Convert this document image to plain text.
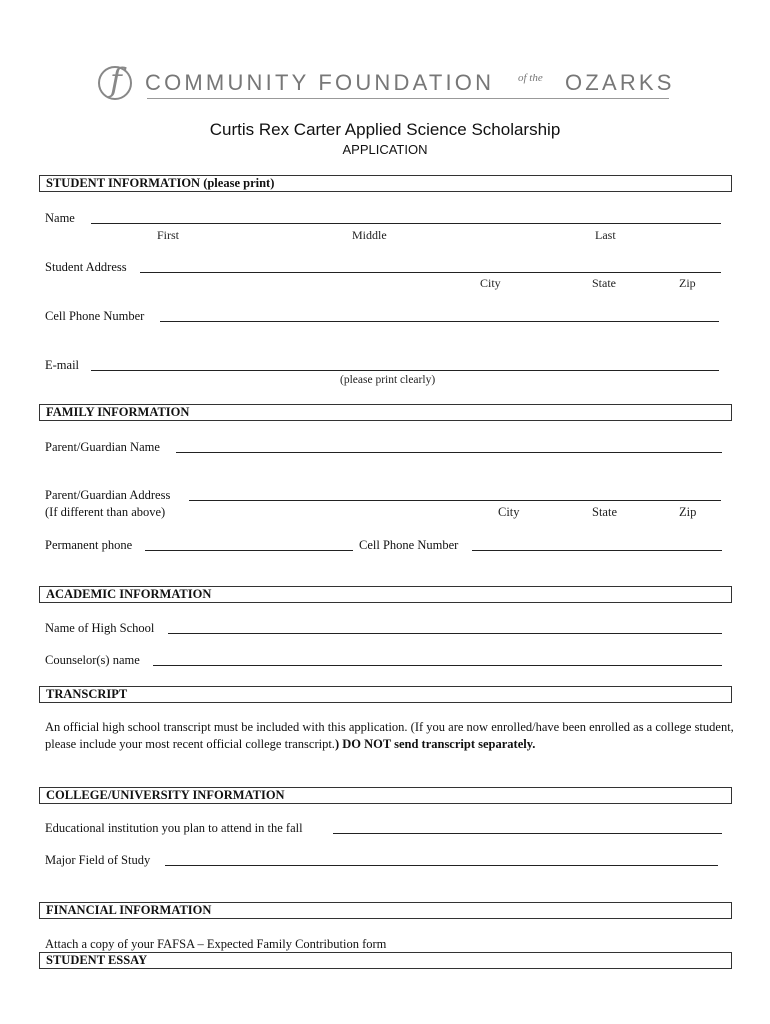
f COMMUNITY FOUNDATION of the OZARKS
Curtis Rex Carter Applied Science Scholarship
APPLICATION
STUDENT INFORMATION (please print)
Name
First	Middle	Last
Student Address
City	State	Zip
Cell Phone Number
E-mail
(please print clearly)
FAMILY INFORMATION
Parent/Guardian Name
Parent/Guardian Address
(If different than above)	City	State	Zip
Permanent phone	Cell Phone Number
ACADEMIC INFORMATION
Name of High School
Counselor(s) name
TRANSCRIPT
An official high school transcript must be included with this application. (If you are now enrolled/have been enrolled as a college student, please include your most recent official college transcript.) DO NOT send transcript separately.
COLLEGE/UNIVERSITY INFORMATION
Educational institution you plan to attend in the fall
Major Field of Study
FINANCIAL INFORMATION
Attach a copy of your FAFSA – Expected Family Contribution form
STUDENT ESSAY
